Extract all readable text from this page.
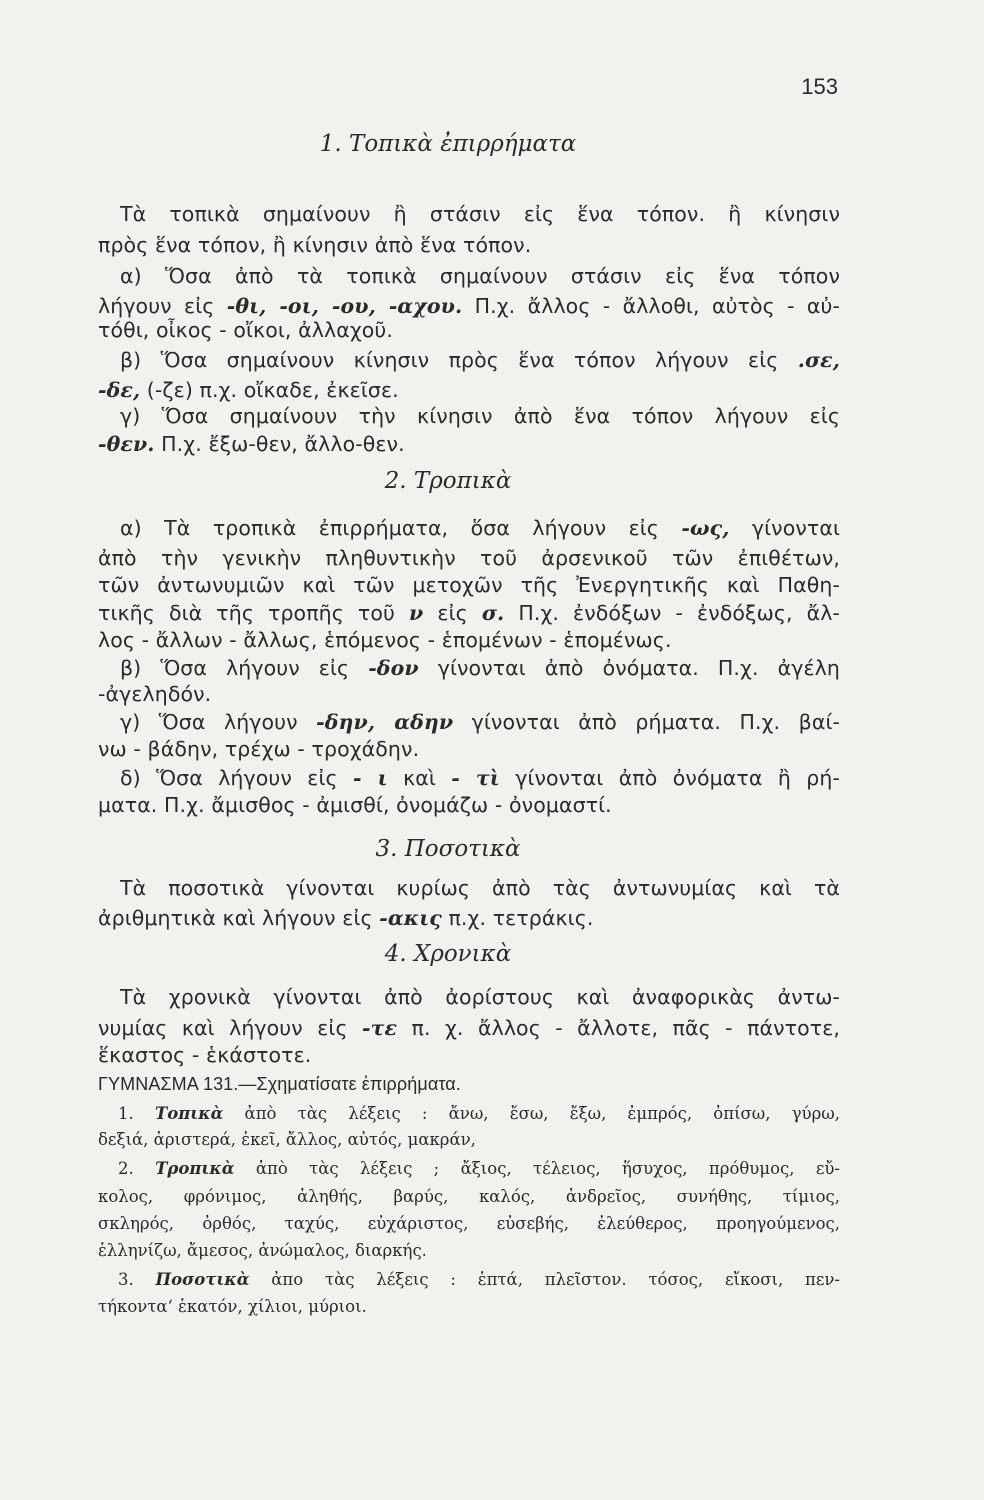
153
1. Τοπικὰ ἐπιρρήματα
Τὰ τοπικὰ σημαίνουν ἢ στάσιν εἰς ἕνα τόπον. ἢ κίνησιν
πρὸς ἕνα τόπον, ἢ κίνησιν ἀπὸ ἕνα τόπον.
α) Ὅσα ἀπὸ τὰ τοπικὰ σημαίνουν στάσιν εἰς ἕνα τόπον
λήγουν εἰς -θι, -οι, -ου, -αχου. Π.χ. ἄλλος - ἄλλοθι, αὐτὸς - αὐ-
τόθι, οἶκος - οἴκοι, ἀλλαχοῦ.
β) Ὅσα σημαίνουν κίνησιν πρὸς ἕνα τόπον λήγουν εἰς .σε,
-δε, (-ζε) π.χ. οἴκαδε, ἐκεῖσε.
γ) Ὅσα σημαίνουν τὴν κίνησιν ἀπὸ ἕνα τόπον λήγουν εἰς
-θεν. Π.χ. ἔξω-θεν, ἄλλο-θεν.
2. Τροπικὰ
α) Τὰ τροπικὰ ἐπιρρήματα, ὅσα λήγουν εἰς -ως, γίνονται
ἀπὸ τὴν γενικὴν πληθυντικὴν τοῦ ἀρσενικοῦ τῶν ἐπιθέτων,
τῶν ἀντωνυμιῶν καὶ τῶν μετοχῶν τῆς Ἐνεργητικῆς καὶ Παθη-
τικῆς διὰ τῆς τροπῆς τοῦ ν εἰς σ. Π.χ. ἐνδόξων - ἐνδόξως, ἄλ-
λος - ἄλλων - ἄλλως, ἑπόμενος - ἑπομένων - ἑπομένως.
β) Ὅσα λήγουν εἰς -δον γίνονται ἀπὸ ὀνόματα. Π.χ. ἀγέλη
-ἀγεληδόν.
γ) Ὅσα λήγουν -δην, αδην γίνονται ἀπὸ ρήματα. Π.χ. βαί-
νω - βάδην, τρέχω - τροχάδην.
δ) Ὅσα λήγουν εἰς - ι καὶ - τὶ γίνονται ἀπὸ ὀνόματα ἢ ρή-
ματα. Π.χ. ἄμισθος - ἀμισθί, ὀνομάζω - ὀνομαστί.
3. Ποσοτικὰ
Τὰ ποσοτικὰ γίνονται κυρίως ἀπὸ τὰς ἀντωνυμίας καὶ τὰ
ἀριθμητικὰ καὶ λήγουν εἰς -ακις π.χ. τετράκις.
4. Χρονικὰ
Τὰ χρονικὰ γίνονται ἀπὸ ἀορίστους καὶ ἀναφορικὰς ἀντω-
νυμίας καὶ λήγουν εἰς -τε π. χ. ἄλλος - ἄλλοτε, πᾶς - πάντοτε,
ἕκαστος - ἑκάστοτε.
ΓΥΜΝΑΣΜΑ 131.—Σχηματίσατε ἐπιρρήματα.
1. Τοπικὰ ἀπὸ τὰς λέξεις : ἄνω, ἔσω, ἔξω, ἐμπρός, ὀπίσω, γύρω,
δεξιά, ἀριστερά, ἐκεῖ, ἄλλος, αὐτός, μακράν,
2. Τροπικὰ ἀπὸ τὰς λέξεις ; ἄξιος, τέλειος, ἥσυχος, πρόθυμος, εὔ-
κολος, φρόνιμος, ἀληθής, βαρύς, καλός, ἀνδρεῖος, συνήθης, τίμιος,
σκληρός, ὀρθός, ταχύς, εὐχάριστος, εὐσεβής, ἐλεύθερος, προηγούμενος,
ἑλληνίζω, ἄμεσος, ἀνώμαλος, διαρκής.
3. Ποσοτικὰ ἀπο τὰς λέξεις : ἑπτά, πλεῖστον. τόσος, εἴκοσι, πεν-
τήκοντα‘ ἑκατόν, χίλιοι, μύριοι.
